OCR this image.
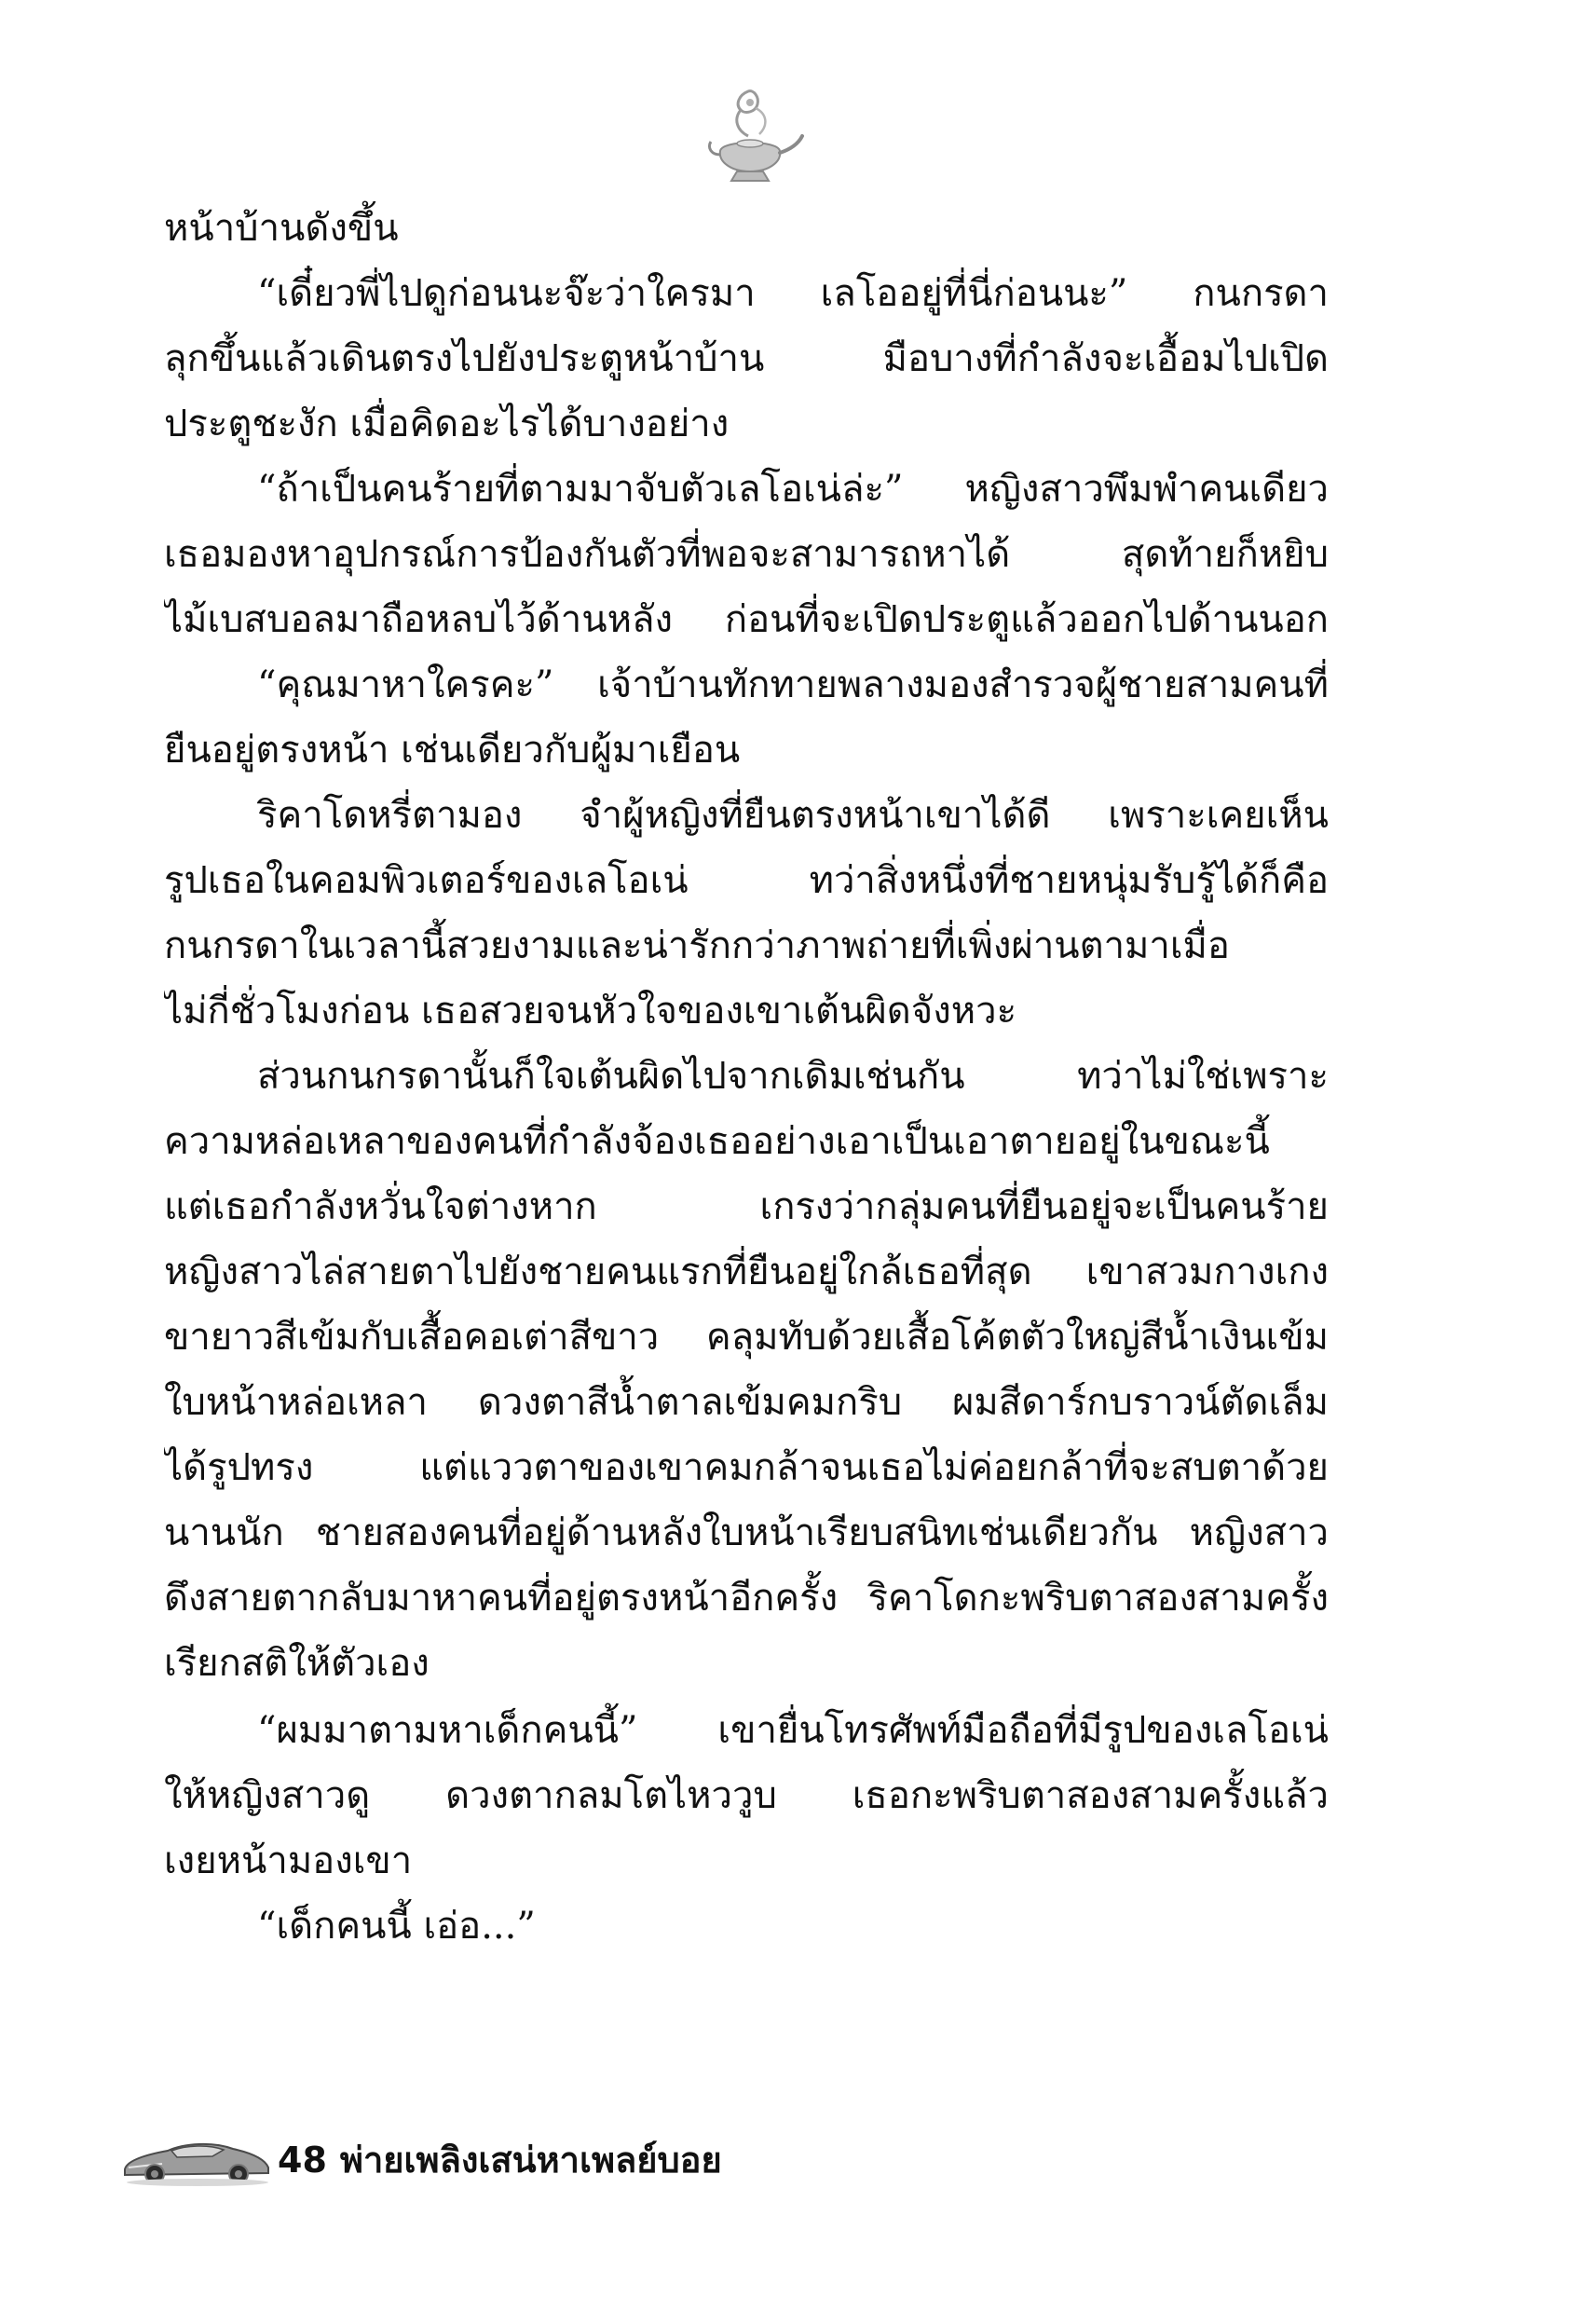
หน้าบ้านดังขึ้น
“เดี๋ยวพี่ไปดูก่อนนะจ๊ะว่าใครมา เลโออยู่ที่นี่ก่อนนะ” กนกรดา
ลุกขึ้นแล้วเดินตรงไปยังประตูหน้าบ้าน มือบางที่กำลังจะเอื้อมไปเปิด
ประตูชะงัก เมื่อคิดอะไรได้บางอย่าง
“ถ้าเป็นคนร้ายที่ตามมาจับตัวเลโอเน่ล่ะ” หญิงสาวพึมพำคนเดียว
เธอมองหาอุปกรณ์การป้องกันตัวที่พอจะสามารถหาได้ สุดท้ายก็หยิบ
ไม้เบสบอลมาถือหลบไว้ด้านหลัง ก่อนที่จะเปิดประตูแล้วออกไปด้านนอก
“คุณมาหาใครคะ” เจ้าบ้านทักทายพลางมองสำรวจผู้ชายสามคนที่
ยืนอยู่ตรงหน้า เช่นเดียวกับผู้มาเยือน
ริคาโดหรี่ตามอง จำผู้หญิงที่ยืนตรงหน้าเขาได้ดี เพราะเคยเห็น
รูปเธอในคอมพิวเตอร์ของเลโอเน่ ทว่าสิ่งหนึ่งที่ชายหนุ่มรับรู้ได้ก็คือ
กนกรดาในเวลานี้สวยงามและน่ารักกว่าภาพถ่ายที่เพิ่งผ่านตามาเมื่อ
ไม่กี่ชั่วโมงก่อน เธอสวยจนหัวใจของเขาเต้นผิดจังหวะ
ส่วนกนกรดานั้นก็ใจเต้นผิดไปจากเดิมเช่นกัน ทว่าไม่ใช่เพราะ
ความหล่อเหลาของคนที่กำลังจ้องเธออย่างเอาเป็นเอาตายอยู่ในขณะนี้
แต่เธอกำลังหวั่นใจต่างหาก เกรงว่ากลุ่มคนที่ยืนอยู่จะเป็นคนร้าย
หญิงสาวไล่สายตาไปยังชายคนแรกที่ยืนอยู่ใกล้เธอที่สุด เขาสวมกางเกง
ขายาวสีเข้มกับเสื้อคอเต่าสีขาว คลุมทับด้วยเสื้อโค้ตตัวใหญ่สีน้ำเงินเข้ม
ใบหน้าหล่อเหลา ดวงตาสีน้ำตาลเข้มคมกริบ ผมสีดาร์กบราวน์ตัดเล็ม
ได้รูปทรง แต่แววตาของเขาคมกล้าจนเธอไม่ค่อยกล้าที่จะสบตาด้วย
นานนัก ชายสองคนที่อยู่ด้านหลังใบหน้าเรียบสนิทเช่นเดียวกัน หญิงสาว
ดึงสายตากลับมาหาคนที่อยู่ตรงหน้าอีกครั้ง ริคาโดกะพริบตาสองสามครั้ง
เรียกสติให้ตัวเอง
“ผมมาตามหาเด็กคนนี้” เขายื่นโทรศัพท์มือถือที่มีรูปของเลโอเน่
ให้หญิงสาวดู ดวงตากลมโตไหววูบ เธอกะพริบตาสองสามครั้งแล้ว
เงยหน้ามองเขา
“เด็กคนนี้ เอ่อ...”
48 พ่ายเพลิงเสน่หาเพลย์บอย
